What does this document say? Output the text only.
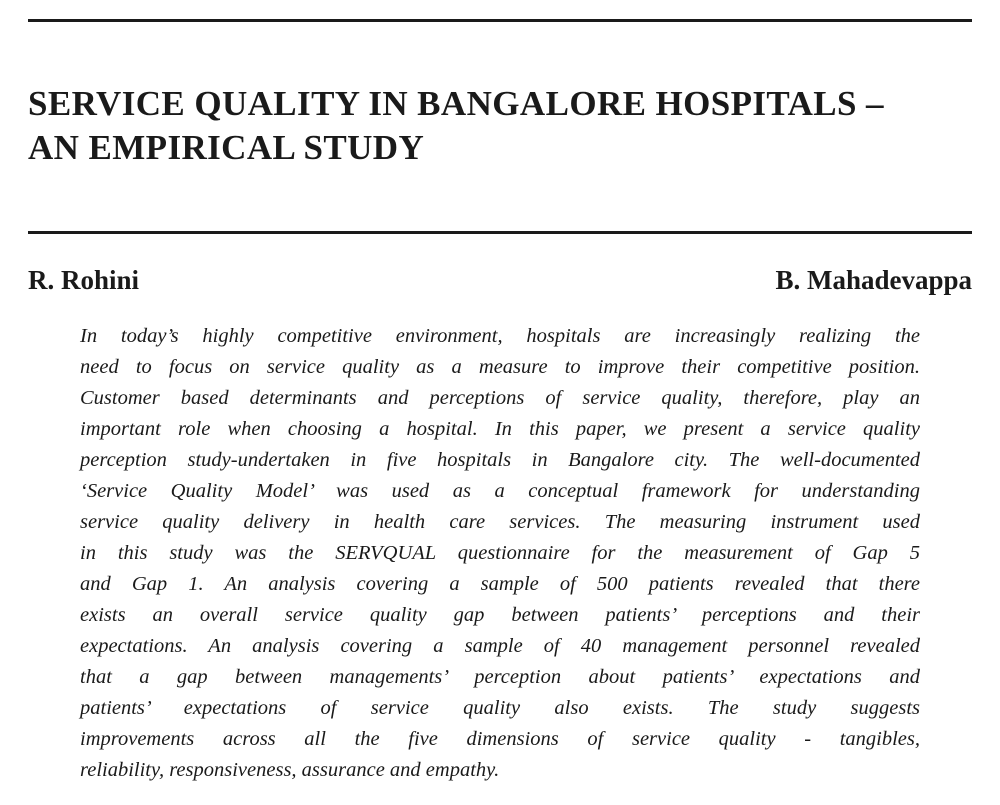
SERVICE QUALITY IN BANGALORE HOSPITALS –
AN EMPIRICAL STUDY

R. Rohini	B. Mahadevappa

In today’s highly competitive environment, hospitals are increasingly realizing the
need to focus on service quality as a measure to improve their competitive position.
Customer based determinants and perceptions of service quality, therefore, play an
important role when choosing a hospital. In this paper, we present a service quality
perception study-undertaken in five hospitals in Bangalore city. The well-documented
‘Service Quality Model’ was used as a conceptual framework for understanding
service quality delivery in health care services. The measuring instrument used
in this study was the SERVQUAL questionnaire for the measurement of Gap 5
and Gap 1. An analysis covering a sample of 500 patients revealed that there
exists an overall service quality gap between patients’ perceptions and their
expectations. An analysis covering a sample of 40 management personnel revealed
that a gap between managements’ perception about patients’ expectations and
patients’ expectations of service quality also exists. The study suggests
improvements across all the five dimensions of service quality - tangibles,
reliability, responsiveness, assurance and empathy.
